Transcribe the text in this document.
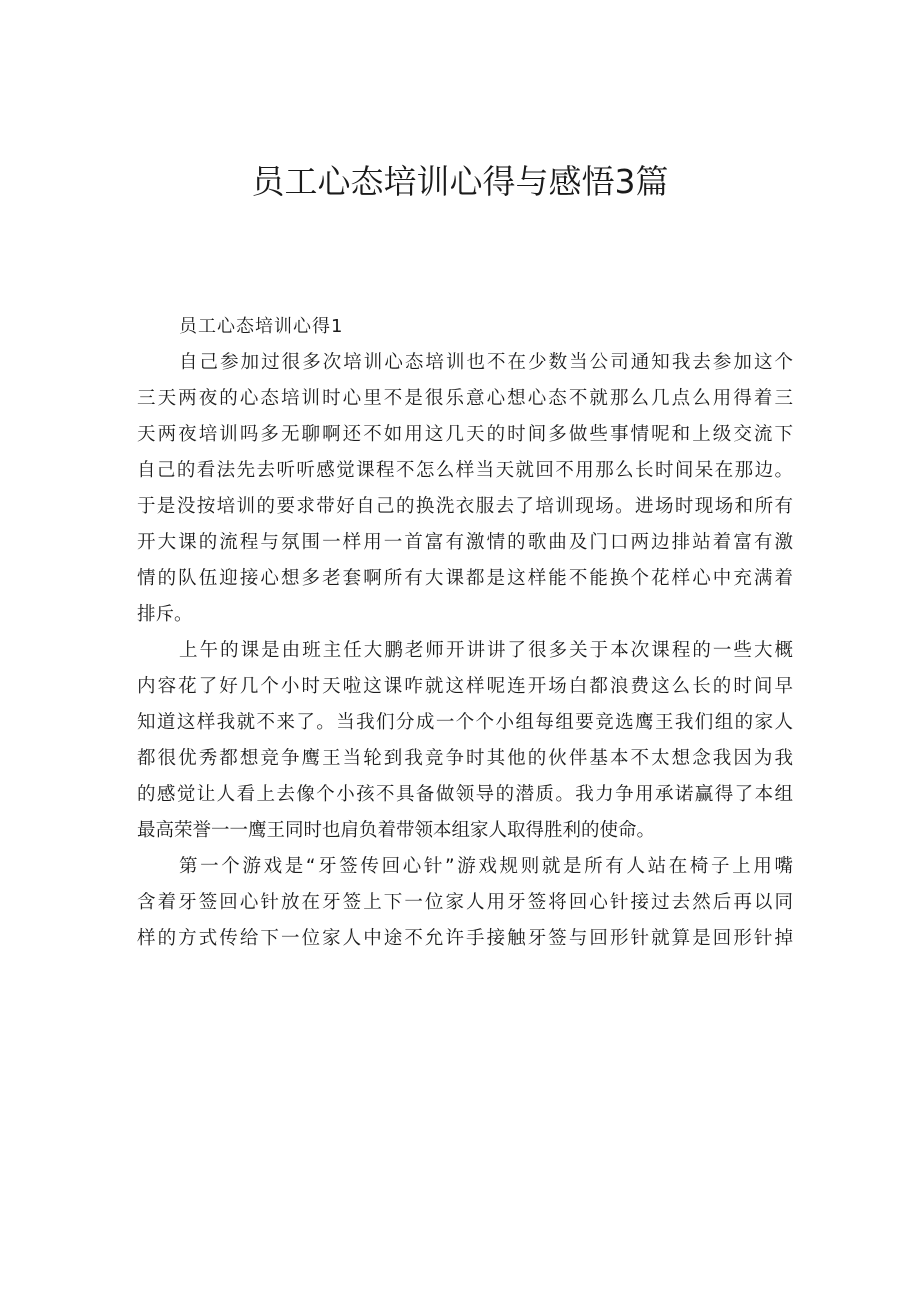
员工心态培训心得与感悟3篇

员工心态培训心得1

自己参加过很多次培训心态培训也不在少数当公司通知我去参加这个
三天两夜的心态培训时心里不是很乐意心想心态不就那么几点么用得着三
天两夜培训吗多无聊啊还不如用这几天的时间多做些事情呢和上级交流下
自己的看法先去听听感觉课程不怎么样当天就回不用那么长时间呆在那边。
于是没按培训的要求带好自己的换洗衣服去了培训现场。进场时现场和所有
开大课的流程与氛围一样用一首富有激情的歌曲及门口两边排站着富有激
情的队伍迎接心想多老套啊所有大课都是这样能不能换个花样心中充满着
排斥。
上午的课是由班主任大鹏老师开讲讲了很多关于本次课程的一些大概
内容花了好几个小时天啦这课咋就这样呢连开场白都浪费这么长的时间早
知道这样我就不来了。当我们分成一个个小组每组要竞选鹰王我们组的家人
都很优秀都想竞争鹰王当轮到我竞争时其他的伙伴基本不太想念我因为我
的感觉让人看上去像个小孩不具备做领导的潜质。我力争用承诺赢得了本组
最高荣誉一一鹰王同时也肩负着带领本组家人取得胜利的使命。
第一个游戏是“牙签传回心针”游戏规则就是所有人站在椅子上用嘴
含着牙签回心针放在牙签上下一位家人用牙签将回心针接过去然后再以同
样的方式传给下一位家人中途不允许手接触牙签与回形针就算是回形针掉
